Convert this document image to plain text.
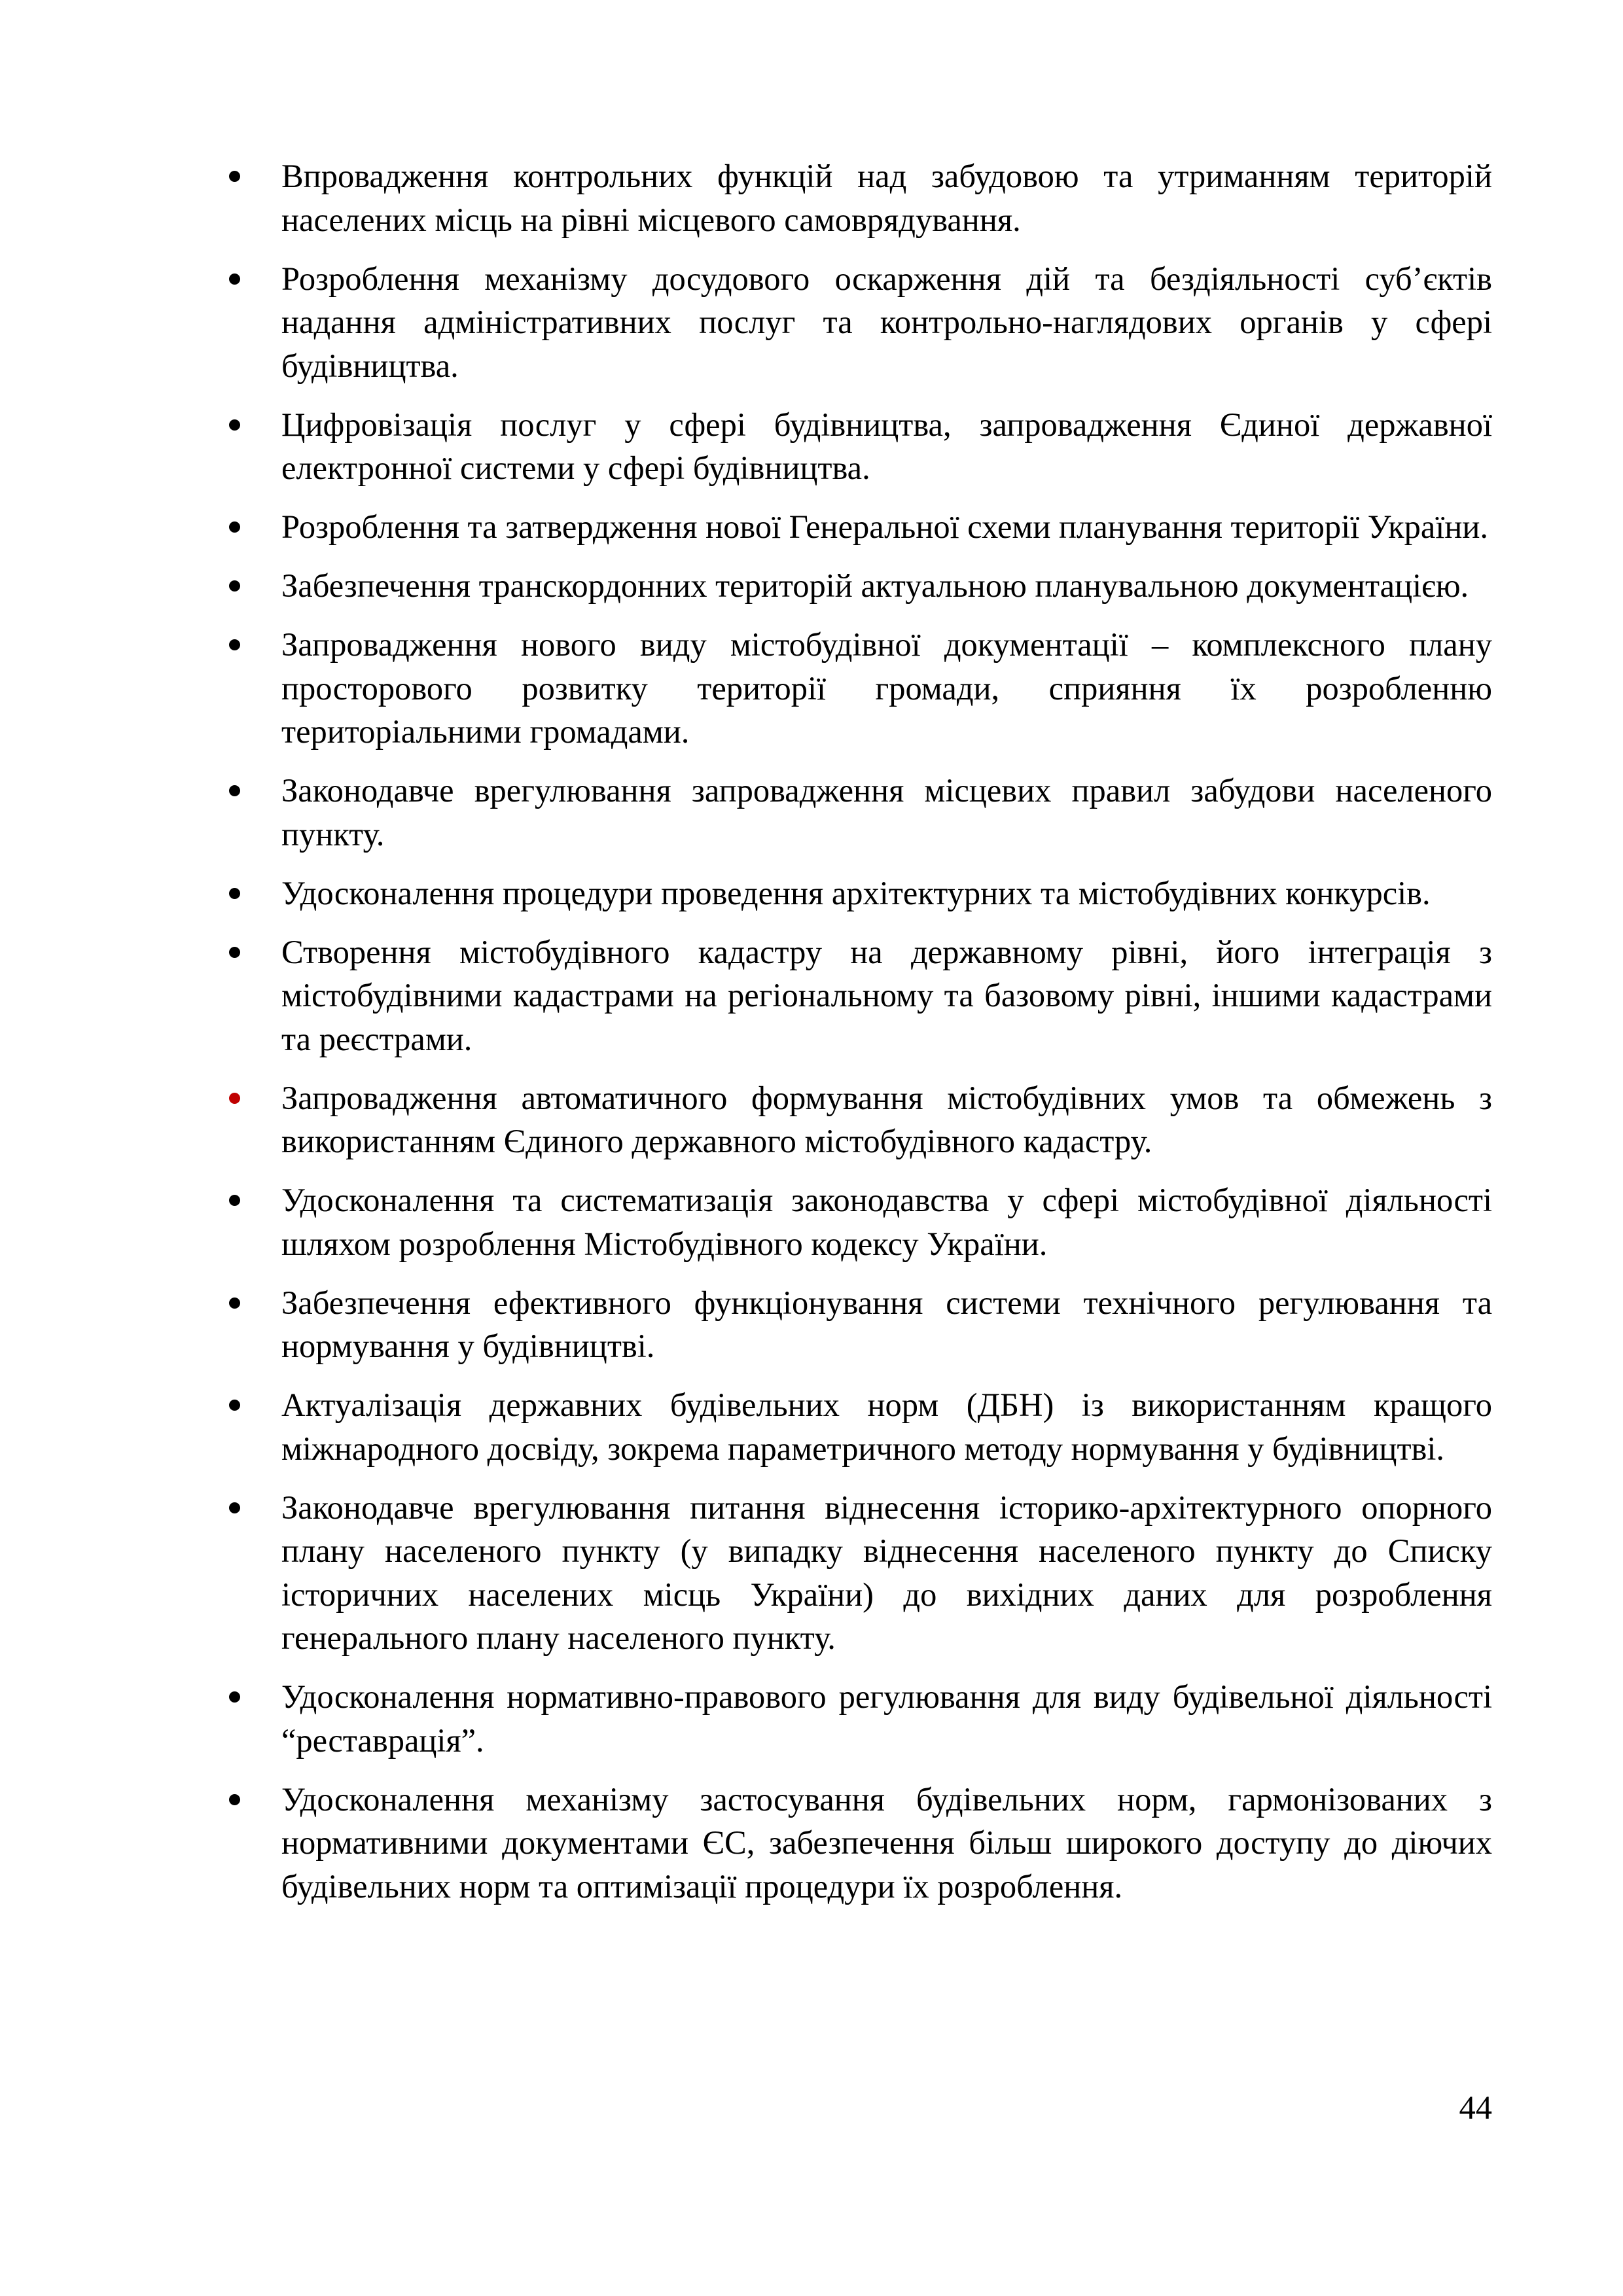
Впровадження контрольних функцій над забудовою та утриманням територій населених місць на рівні місцевого самоврядування.
Розроблення механізму досудового оскарження дій та бездіяльності суб’єктів надання адміністративних послуг та контрольно-наглядових органів у сфері будівництва.
Цифровізація послуг у сфері будівництва, запровадження Єдиної державної електронної системи у сфері будівництва.
Розроблення та затвердження нової Генеральної схеми планування території України.
Забезпечення транскордонних територій актуальною планувальною документацією.
Запровадження нового виду містобудівної документації – комплексного плану просторового розвитку території громади, сприяння їх розробленню територіальними громадами.
Законодавче врегулювання запровадження місцевих правил забудови населеного пункту.
Удосконалення процедури проведення архітектурних та містобудівних конкурсів.
Створення містобудівного кадастру на державному рівні, його інтеграція з містобудівними кадастрами на регіональному та базовому рівні, іншими кадастрами та реєстрами.
Запровадження автоматичного формування містобудівних умов та обмежень з використанням Єдиного державного містобудівного кадастру.
Удосконалення та систематизація законодавства у сфері містобудівної діяльності шляхом розроблення Містобудівного кодексу України.
Забезпечення ефективного функціонування системи технічного регулювання та нормування у будівництві.
Актуалізація державних будівельних норм (ДБН) із використанням кращого міжнародного досвіду, зокрема параметричного методу нормування у будівництві.
Законодавче врегулювання питання віднесення історико-архітектурного опорного плану населеного пункту (у випадку віднесення населеного пункту до Списку історичних населених місць України) до вихідних даних для розроблення генерального плану населеного пункту.
Удосконалення нормативно-правового регулювання для виду будівельної діяльності “реставрація”.
Удосконалення механізму застосування будівельних норм, гармонізованих з нормативними документами ЄС, забезпечення більш широкого доступу до діючих будівельних норм та оптимізації процедури їх розроблення.
44
